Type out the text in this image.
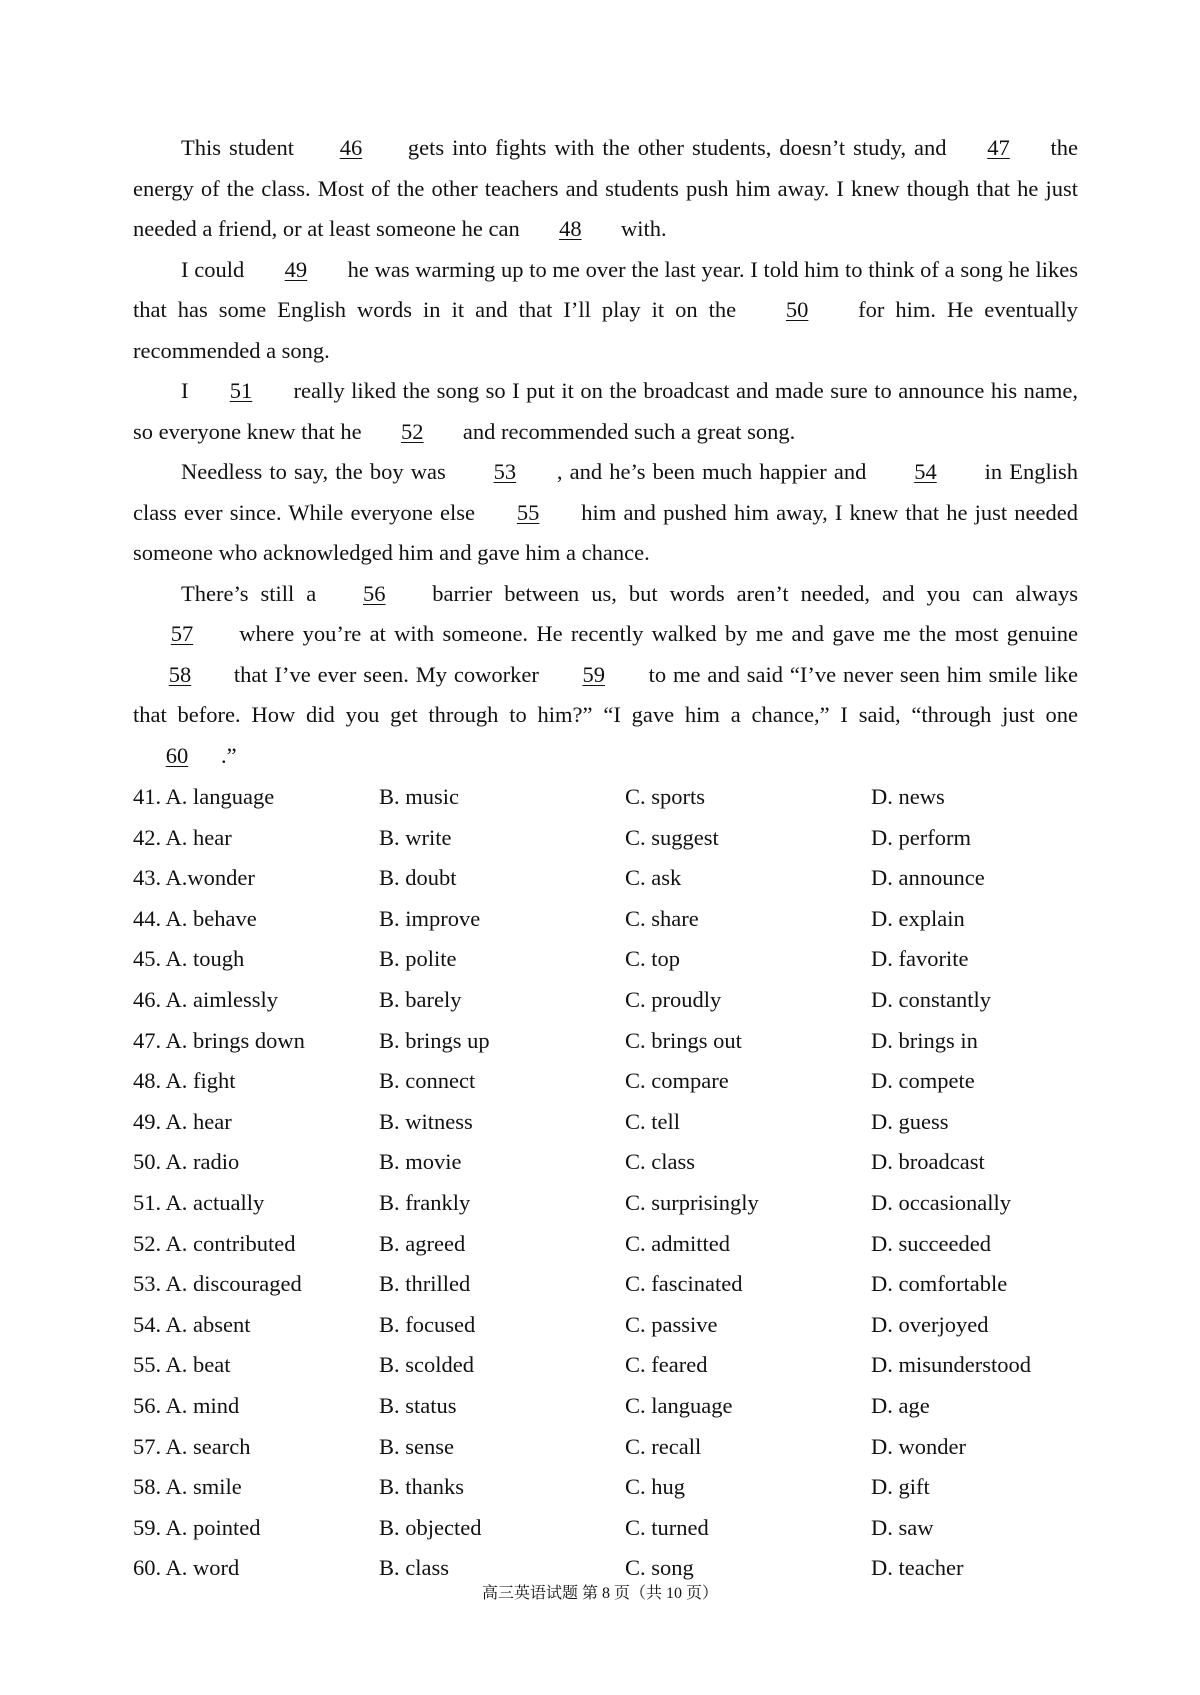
This student 46 gets into fights with the other students, doesn’t study, and 47 the energy of the class. Most of the other teachers and students push him away. I knew though that he just needed a friend, or at least someone he can 48 with.

I could 49 he was warming up to me over the last year. I told him to think of a song he likes that has some English words in it and that I’ll play it on the 50 for him. He eventually recommended a song.

I 51 really liked the song so I put it on the broadcast and made sure to announce his name, so everyone knew that he 52 and recommended such a great song.

Needless to say, the boy was 53 , and he’s been much happier and 54 in English class ever since. While everyone else 55 him and pushed him away, I knew that he just needed someone who acknowledged him and gave him a chance.

There’s still a 56 barrier between us, but words aren’t needed, and you can always 57 where you’re at with someone. He recently walked by me and gave me the most genuine 58 that I’ve ever seen. My coworker 59 to me and said “I’ve never seen him smile like that before. How did you get through to him?” “I gave him a chance,” I said, “through just one 60 .”

41. A. language	B. music	C. sports	D. news
42. A. hear	B. write	C. suggest	D. perform
43. A.wonder	B. doubt	C. ask	D. announce
44. A. behave	B. improve	C. share	D. explain
45. A. tough	B. polite	C. top	D. favorite
46. A. aimlessly	B. barely	C. proudly	D. constantly
47. A. brings down	B. brings up	C. brings out	D. brings in
48. A. fight	B. connect	C. compare	D. compete
49. A. hear	B. witness	C. tell	D. guess
50. A. radio	B. movie	C. class	D. broadcast
51. A. actually	B. frankly	C. surprisingly	D. occasionally
52. A. contributed	B. agreed	C. admitted	D. succeeded
53. A. discouraged	B. thrilled	C. fascinated	D. comfortable
54. A. absent	B. focused	C. passive	D. overjoyed
55. A. beat	B. scolded	C. feared	D. misunderstood
56. A. mind	B. status	C. language	D. age
57. A. search	B. sense	C. recall	D. wonder
58. A. smile	B. thanks	C. hug	D. gift
59. A. pointed	B. objected	C. turned	D. saw
60. A. word	B. class	C. song	D. teacher
高三英语试题 第 8 页（共 10 页）
